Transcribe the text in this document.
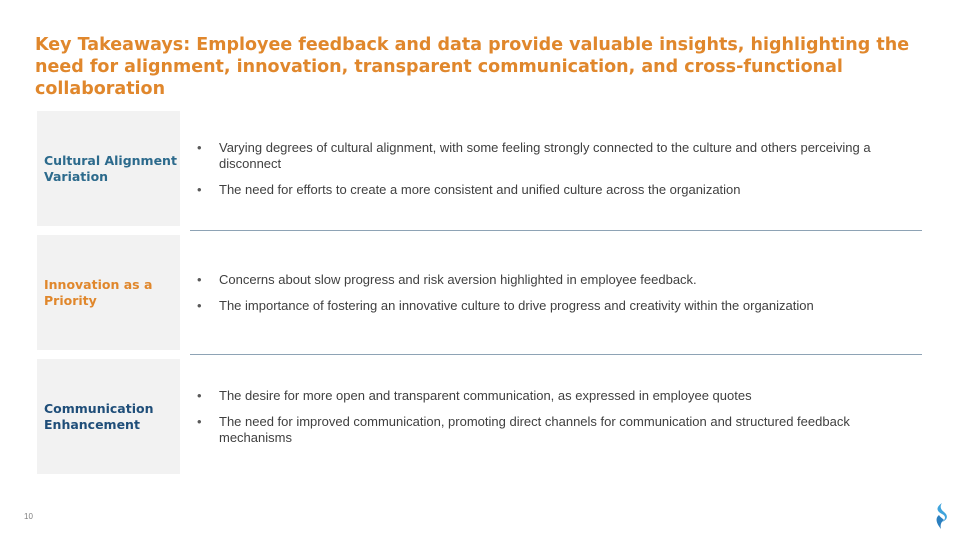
Key Takeaways: Employee feedback and data provide valuable insights, highlighting the need for alignment, innovation, transparent communication, and cross-functional collaboration
Cultural Alignment Variation
• Varying degrees of cultural alignment, with some feeling strongly connected to the culture and others perceiving a disconnect
• The need for efforts to create a more consistent and unified culture across the organization
Innovation as a Priority
• Concerns about slow progress and risk aversion highlighted in employee feedback.
• The importance of fostering an innovative culture to drive progress and creativity within the organization
Communication Enhancement
• The desire for more open and transparent communication, as expressed in employee quotes
• The need for improved communication, promoting direct channels for communication and structured feedback mechanisms
10
